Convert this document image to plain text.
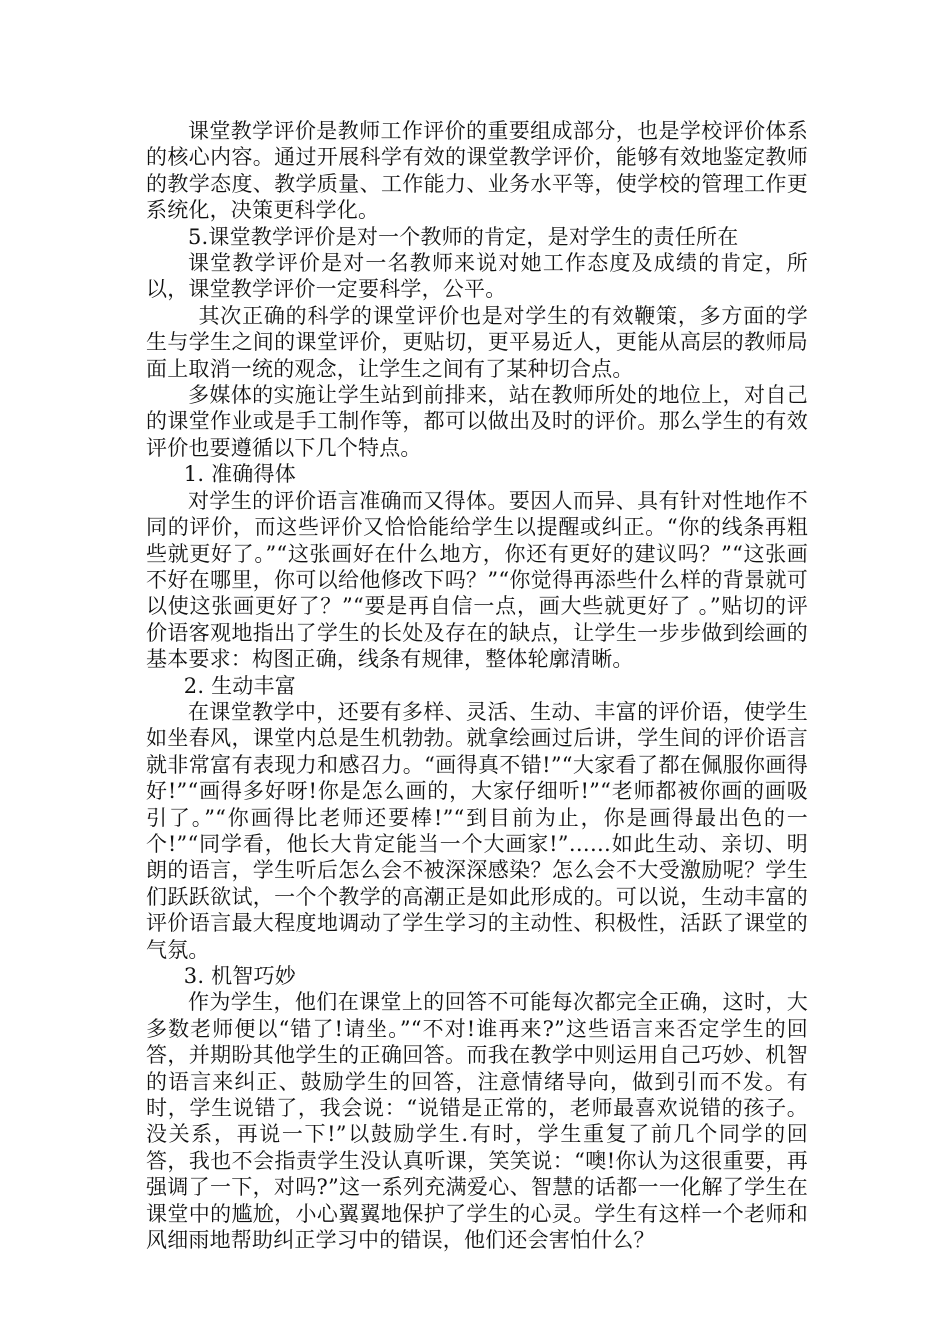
课堂教学评价是教师工作评价的重要组成部分，也是学校评价体系的核心内容。通过开展科学有效的课堂教学评价，能够有效地鉴定教师的教学态度、教学质量、工作能力、业务水平等，使学校的管理工作更系统化，决策更科学化。

5.课堂教学评价是对一个教师的肯定，是对学生的责任所在

课堂教学评价是对一名教师来说对她工作态度及成绩的肯定，所以，课堂教学评价一定要科学，公平。

其次正确的科学的课堂评价也是对学生的有效鞭策，多方面的学生与学生之间的课堂评价，更贴切，更平易近人，更能从高层的教师局面上取消一统的观念，让学生之间有了某种切合点。

多媒体的实施让学生站到前排来，站在教师所处的地位上，对自己的课堂作业或是手工制作等，都可以做出及时的评价。那么学生的有效评价也要遵循以下几个特点。

1. 准确得体

对学生的评价语言准确而又得体。要因人而异、具有针对性地作不同的评价，而这些评价又恰恰能给学生以提醒或纠正。“你的线条再粗些就更好了。”“这张画好在什么地方，你还有更好的建议吗？”“这张画不好在哪里，你可以给他修改下吗？”“你觉得再添些什么样的背景就可以使这张画更好了？”“要是再自信一点，画大些就更好了 。”贴切的评价语客观地指出了学生的长处及存在的缺点，让学生一步步做到绘画的基本要求：构图正确，线条有规律，整体轮廓清晰。

2. 生动丰富

在课堂教学中，还要有多样、灵活、生动、丰富的评价语，使学生如坐春风，课堂内总是生机勃勃。就拿绘画过后讲，学生间的评价语言就非常富有表现力和感召力。“画得真不错!”“大家看了都在佩服你画得好!”“画得多好呀!你是怎么画的，大家仔细听!”“老师都被你画的画吸引了。”“你画得比老师还要棒!”“到目前为止，你是画得最出色的一个!”“同学看，他长大肯定能当一个大画家!”……如此生动、亲切、明朗的语言，学生听后怎么会不被深深感染？怎么会不大受激励呢？学生们跃跃欲试，一个个教学的高潮正是如此形成的。可以说，生动丰富的评价语言最大程度地调动了学生学习的主动性、积极性，活跃了课堂的气氛。

3. 机智巧妙

作为学生，他们在课堂上的回答不可能每次都完全正确，这时，大多数老师便以“错了!请坐。”“不对!谁再来?”这些语言来否定学生的回答，并期盼其他学生的正确回答。而我在教学中则运用自己巧妙、机智的语言来纠正、鼓励学生的回答，注意情绪导向，做到引而不发。有时，学生说错了，我会说：“说错是正常的，老师最喜欢说错的孩子。没关系，再说一下!”以鼓励学生.有时，学生重复了前几个同学的回答，我也不会指责学生没认真听课，笑笑说：“噢!你认为这很重要，再强调了一下，对吗?”这一系列充满爱心、智慧的话都一一化解了学生在课堂中的尴尬，小心翼翼地保护了学生的心灵。学生有这样一个老师和风细雨地帮助纠正学习中的错误，他们还会害怕什么？
